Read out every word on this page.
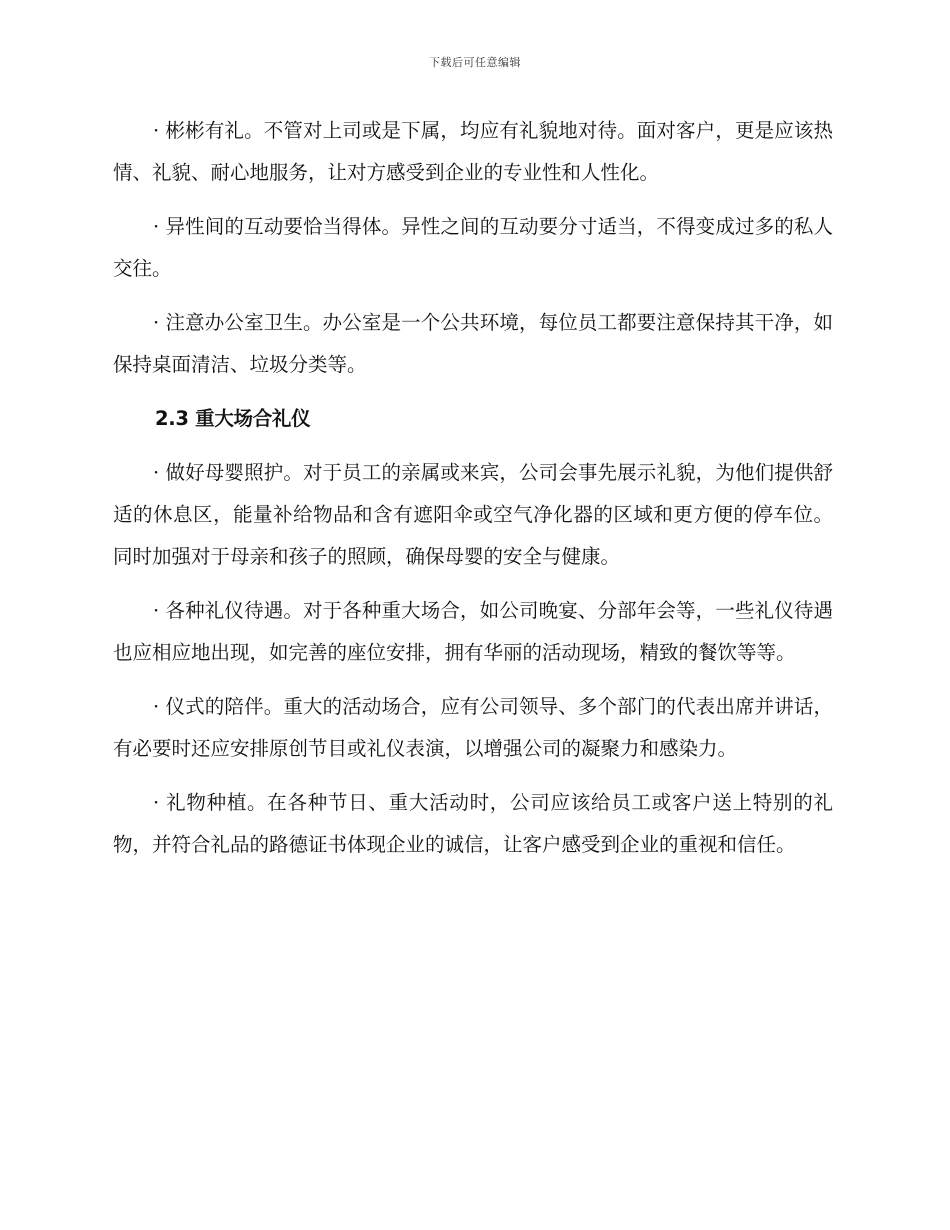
下载后可任意编辑

· 彬彬有礼。不管对上司或是下属，均应有礼貌地对待。面对客户，更是应该热情、礼貌、耐心地服务，让对方感受到企业的专业性和人性化。

· 异性间的互动要恰当得体。异性之间的互动要分寸适当，不得变成过多的私人交往。

· 注意办公室卫生。办公室是一个公共环境，每位员工都要注意保持其干净，如保持桌面清洁、垃圾分类等。

2.3 重大场合礼仪

· 做好母婴照护。对于员工的亲属或来宾，公司会事先展示礼貌，为他们提供舒适的休息区，能量补给物品和含有遮阳伞或空气净化器的区域和更方便的停车位。同时加强对于母亲和孩子的照顾，确保母婴的安全与健康。

· 各种礼仪待遇。对于各种重大场合，如公司晚宴、分部年会等，一些礼仪待遇也应相应地出现，如完善的座位安排，拥有华丽的活动现场，精致的餐饮等等。

· 仪式的陪伴。重大的活动场合，应有公司领导、多个部门的代表出席并讲话，有必要时还应安排原创节目或礼仪表演，以增强公司的凝聚力和感染力。

· 礼物种植。在各种节日、重大活动时，公司应该给员工或客户送上特别的礼物，并符合礼品的路德证书体现企业的诚信，让客户感受到企业的重视和信任。
